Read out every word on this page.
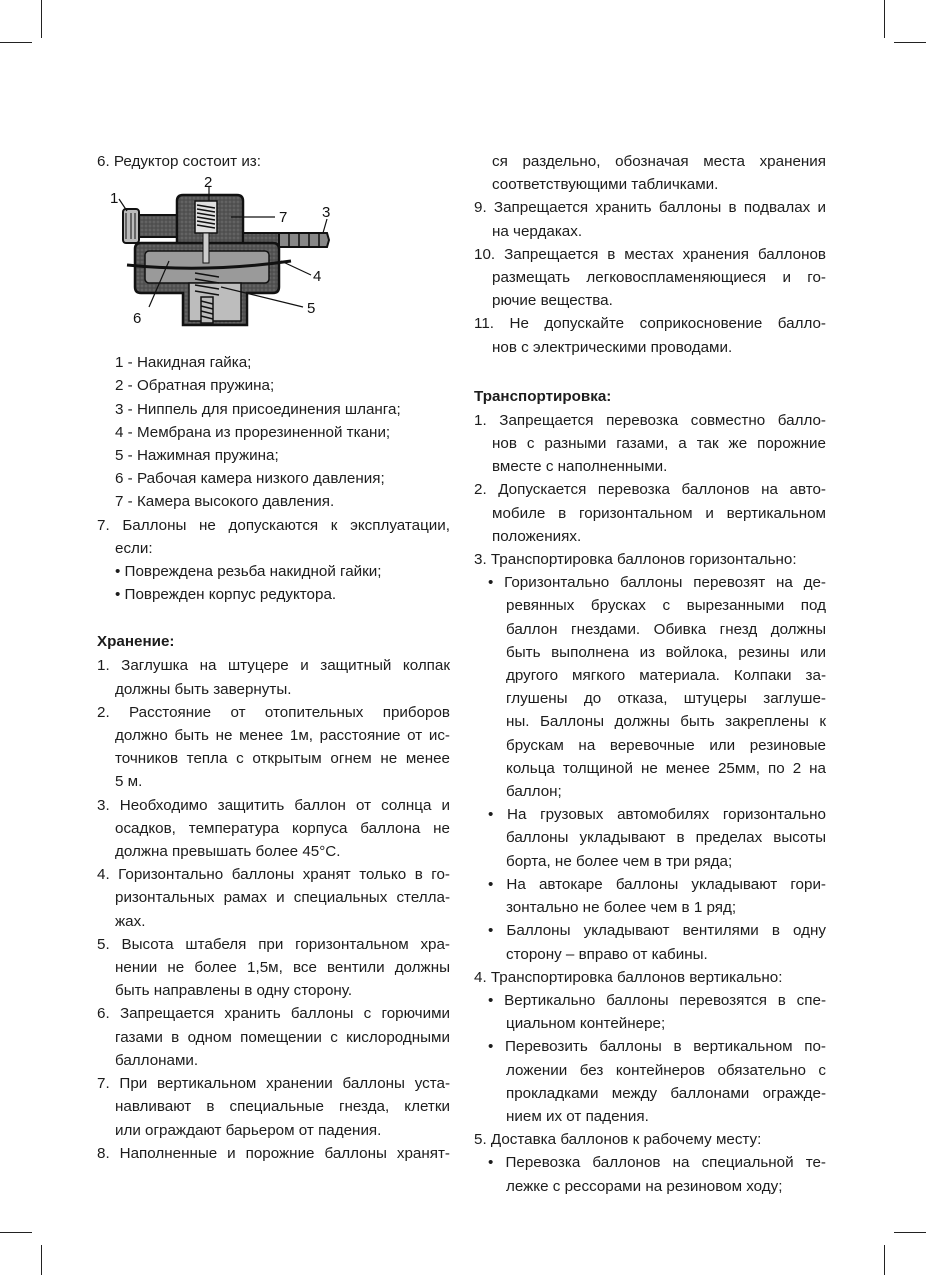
6. Редуктор состоит из:
1
2
7 3
4
5
6
1 - Накидная гайка;
2 - Обратная пружина;
3 - Ниппель для присоединения шланга;
4 - Мембрана из прорезиненной ткани;
5 - Нажимная пружина;
6 - Рабочая камера низкого давления;
7 - Камера высокого давления.
7. Баллоны не допускаются к эксплуатации,
если:
• Повреждена резьба накидной гайки;
• Поврежден корпус редуктора.
Хранение:
1. Заглушка на штуцере и защитный колпак
должны быть завернуты.
2. Расстояние от отопительных приборов
должно быть не менее 1м, расстояние от ис-
точников тепла с открытым огнем не менее
5 м.
3. Необходимо защитить баллон от солнца и
осадков, температура корпуса баллона не
должна превышать более 45°С.
4. Горизонтально баллоны хранят только в го-
ризонтальных рамах и специальных стелла-
жах.
5. Высота штабеля при горизонтальном хра-
нении не более 1,5м, все вентили должны
быть направлены в одну сторону.
6. Запрещается хранить баллоны с горючими
газами в одном помещении с кислородными
баллонами.
7. При вертикальном хранении баллоны уста-
навливают в специальные гнезда, клетки
или ограждают барьером от падения.
8. Наполненные и порожние баллоны хранят-
ся раздельно, обозначая места хранения
соответствующими табличками.
9. Запрещается хранить баллоны в подвалах и
на чердаках.
10. Запрещается в местах хранения баллонов
размещать легковоспламеняющиеся и го-
рючие вещества.
11. Не допускайте соприкосновение балло-
нов с электрическими проводами.
Транспортировка:
1. Запрещается перевозка совместно балло-
нов с разными газами, а так же порожние
вместе с наполненными.
2. Допускается перевозка баллонов на авто-
мобиле в горизонтальном и вертикальном
положениях.
3. Транспортировка баллонов горизонтально:
• Горизонтально баллоны перевозят на де-
ревянных брусках с вырезанными под
баллон гнездами. Обивка гнезд должны
быть выполнена из войлока, резины или
другого мягкого материала. Колпаки за-
глушены до отказа, штуцеры заглуше-
ны. Баллоны должны быть закреплены к
брускам на веревочные или резиновые
кольца толщиной не менее 25мм, по 2 на
баллон;
• На грузовых автомобилях горизонтально
баллоны укладывают в пределах высоты
борта, не более чем в три ряда;
• На автокаре баллоны укладывают гори-
зонтально не более чем в 1 ряд;
• Баллоны укладывают вентилями в одну
сторону – вправо от кабины.
4. Транспортировка баллонов вертикально:
• Вертикально баллоны перевозятся в спе-
циальном контейнере;
• Перевозить баллоны в вертикальном по-
ложении без контейнеров обязательно с
прокладками между баллонами огражде-
нием их от падения.
5. Доставка баллонов к рабочему месту:
• Перевозка баллонов на специальной те-
лежке с рессорами на резиновом ходу;
